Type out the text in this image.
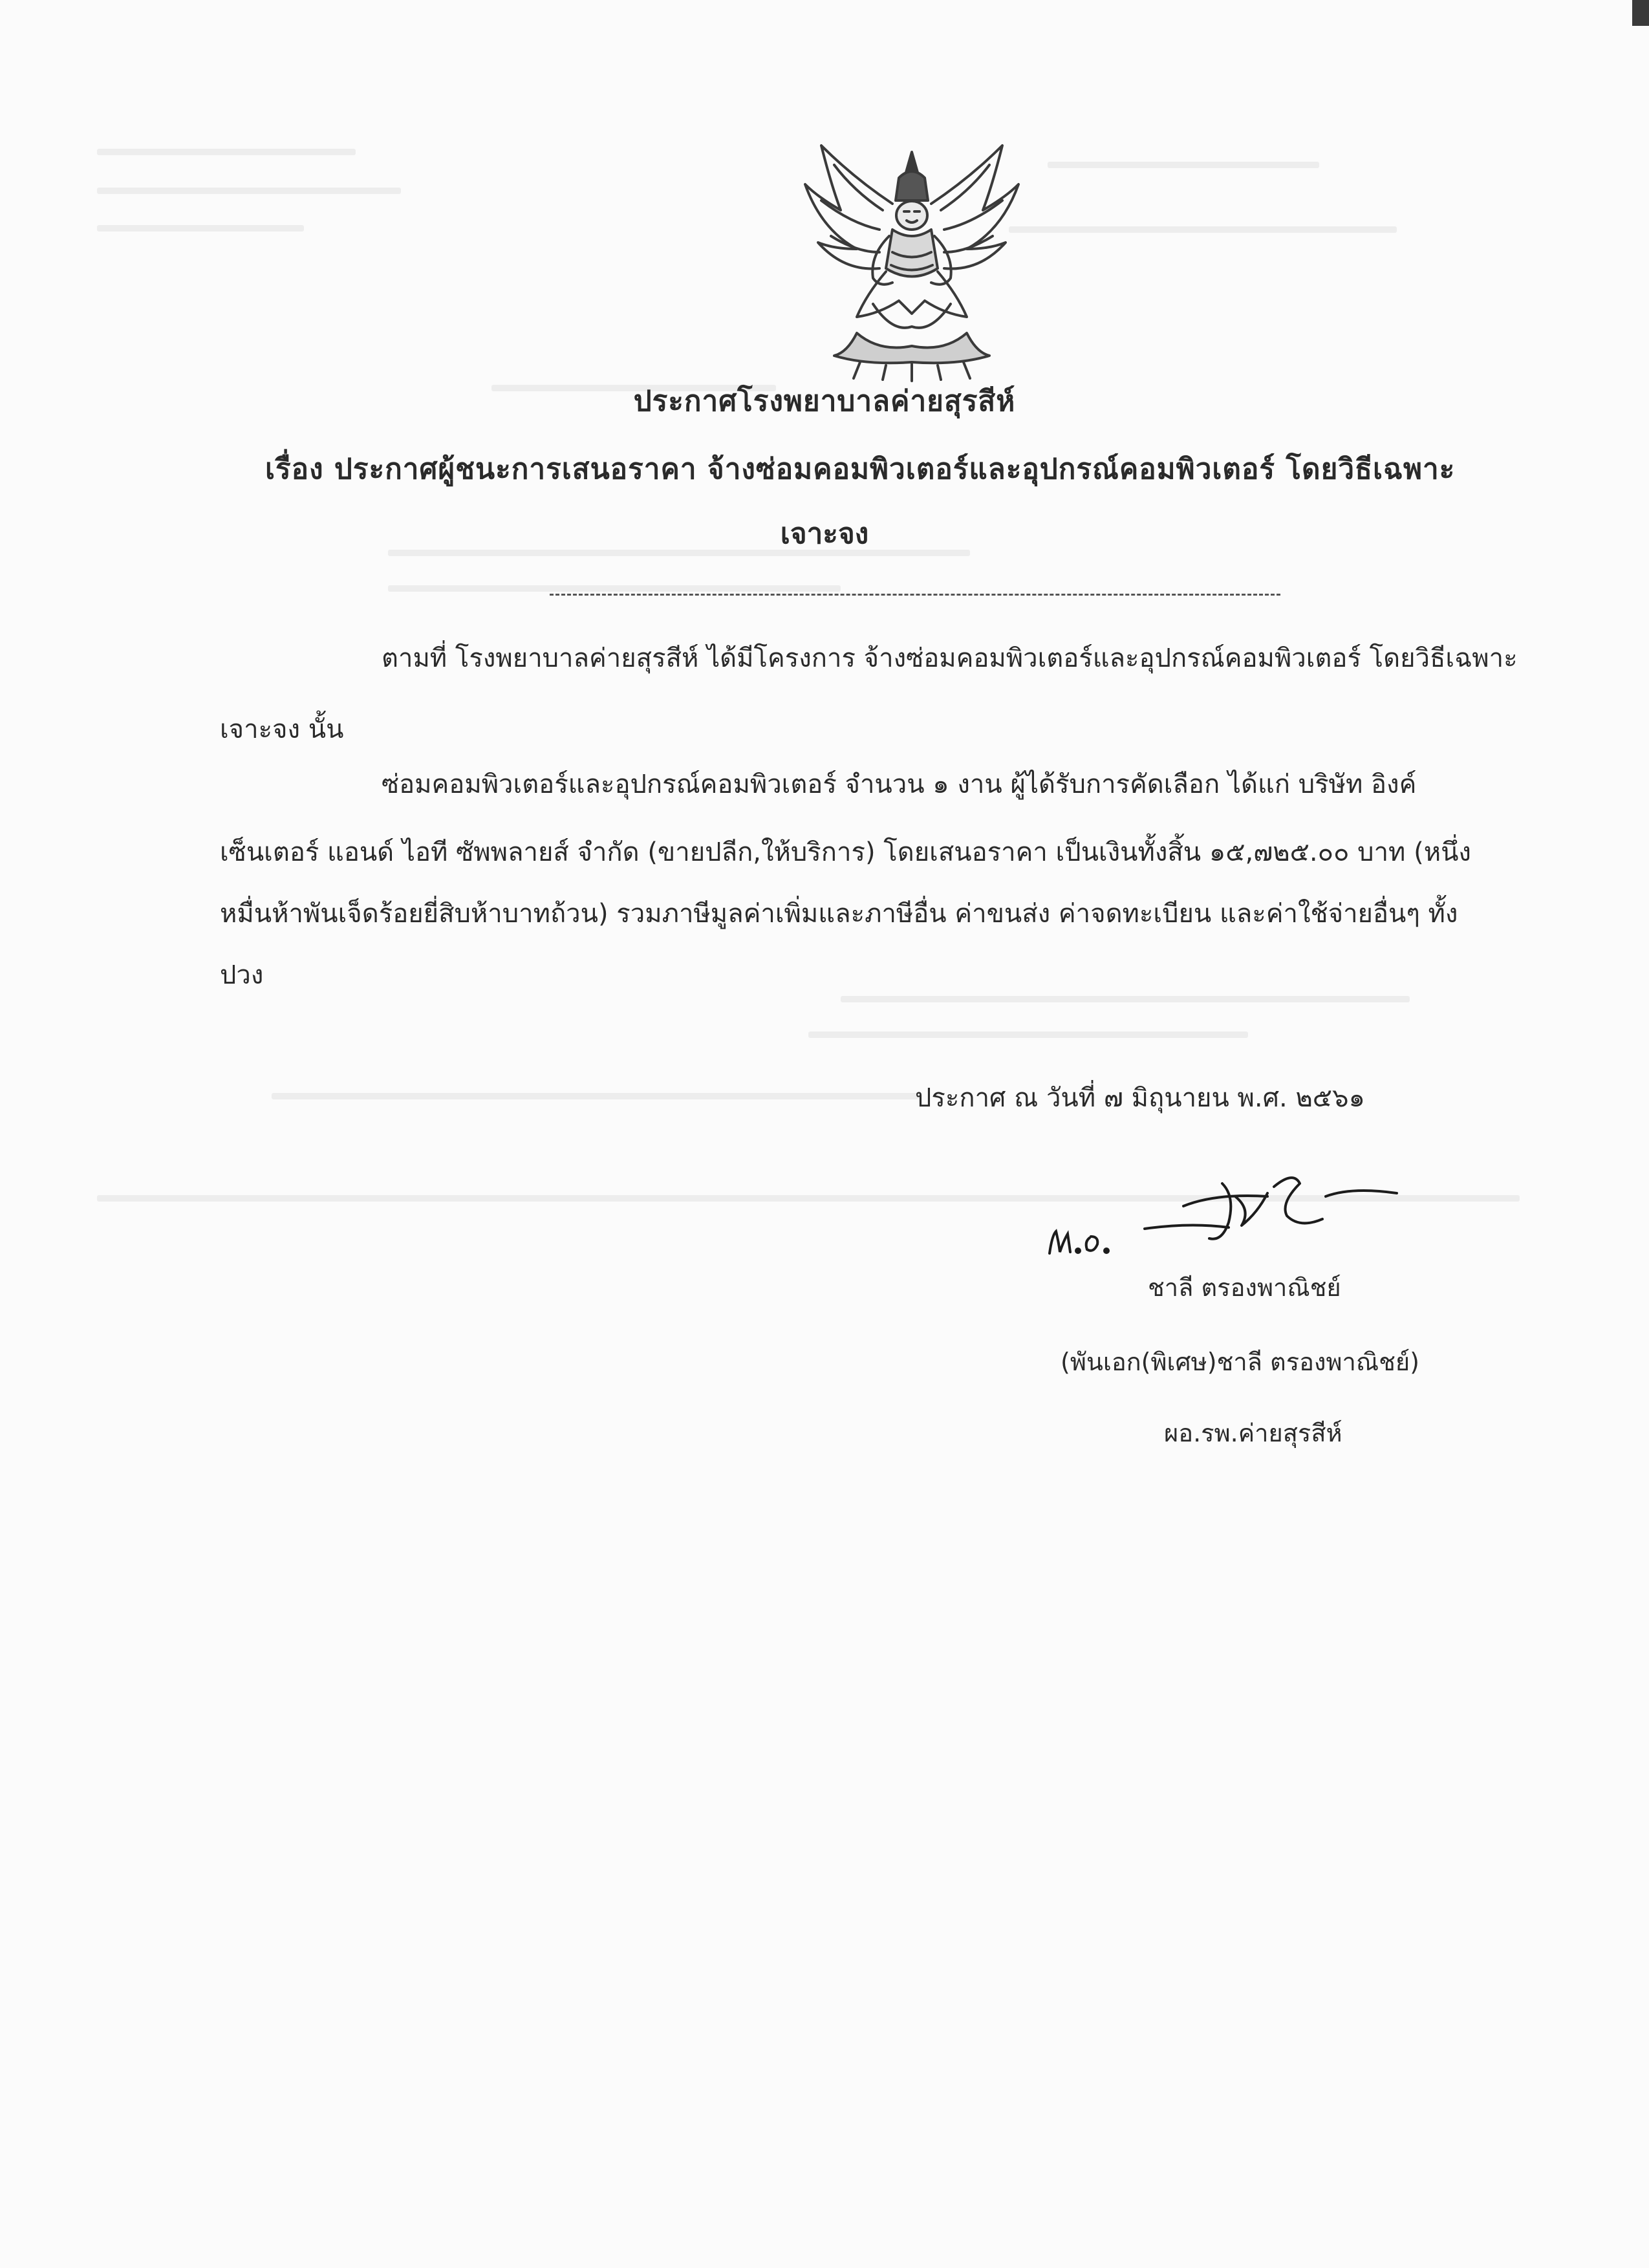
ประกาศโรงพยาบาลค่ายสุรสีห์
เรื่อง ประกาศผู้ชนะการเสนอราคา จ้างซ่อมคอมพิวเตอร์และอุปกรณ์คอมพิวเตอร์ โดยวิธีเฉพาะ
เจาะจง
ตามที่ โรงพยาบาลค่ายสุรสีห์ ได้มีโครงการ จ้างซ่อมคอมพิวเตอร์และอุปกรณ์คอมพิวเตอร์ โดยวิธีเฉพาะ
เจาะจง นั้น
ซ่อมคอมพิวเตอร์และอุปกรณ์คอมพิวเตอร์ จำนวน ๑ งาน ผู้ได้รับการคัดเลือก ได้แก่ บริษัท อิงค์
เซ็นเตอร์ แอนด์ ไอที ซัพพลายส์ จำกัด (ขายปลีก,ให้บริการ) โดยเสนอราคา เป็นเงินทั้งสิ้น ๑๕,๗๒๕.๐๐ บาท (หนึ่ง
หมื่นห้าพันเจ็ดร้อยยี่สิบห้าบาทถ้วน) รวมภาษีมูลค่าเพิ่มและภาษีอื่น ค่าขนส่ง ค่าจดทะเบียน และค่าใช้จ่ายอื่นๆ ทั้ง
ปวง
ประกาศ ณ วันที่ ๗ มิถุนายน พ.ศ. ๒๕๖๑
ชาลี ตรองพาณิชย์
(พันเอก(พิเศษ)ชาลี ตรองพาณิชย์)
ผอ.รพ.ค่ายสุรสีห์
